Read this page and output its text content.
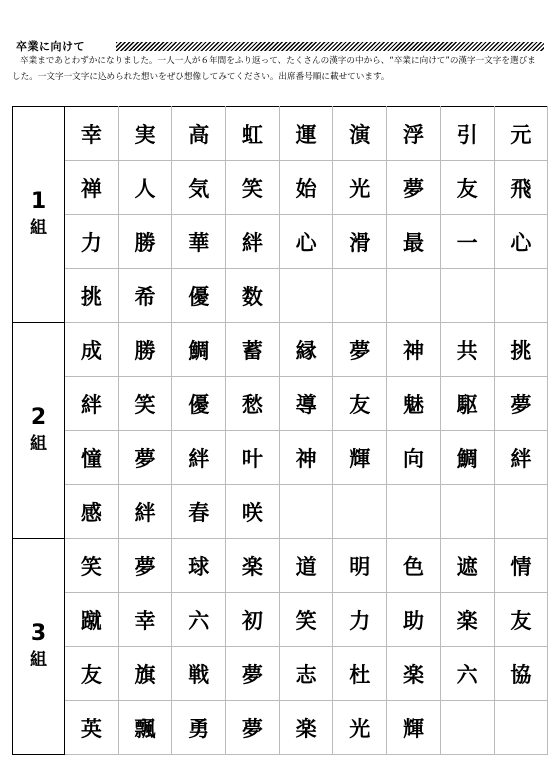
卒業に向けて
卒業まであとわずかになりました。一人一人が６年間をふり返って、たくさんの漢字の中から、“卒業に向けて”の漢字一文字を選びました。一文字一文字に込められた想いをぜひ想像してみてください。出席番号順に載せています。
1
組	幸	実	高	虹	運	演	浮	引	元
	禅	人	気	笑	始	光	夢	友	飛
	力	勝	華	絆	心	滑	最	一	心
	挑	希	優	数					

2
組	成	勝	鯛	蓄	縁	夢	神	共	挑
	絆	笑	優	愁	導	友	魅	駆	夢
	憧	夢	絆	叶	神	輝	向	鯛	絆
	感	絆	春	咲					

3
組	笑	夢	球	楽	道	明	色	遮	情
	蹴	幸	六	初	笑	力	助	楽	友
	友	旗	戦	夢	志	杜	楽	六	協
	英	飄	勇	夢	楽	光	輝		
